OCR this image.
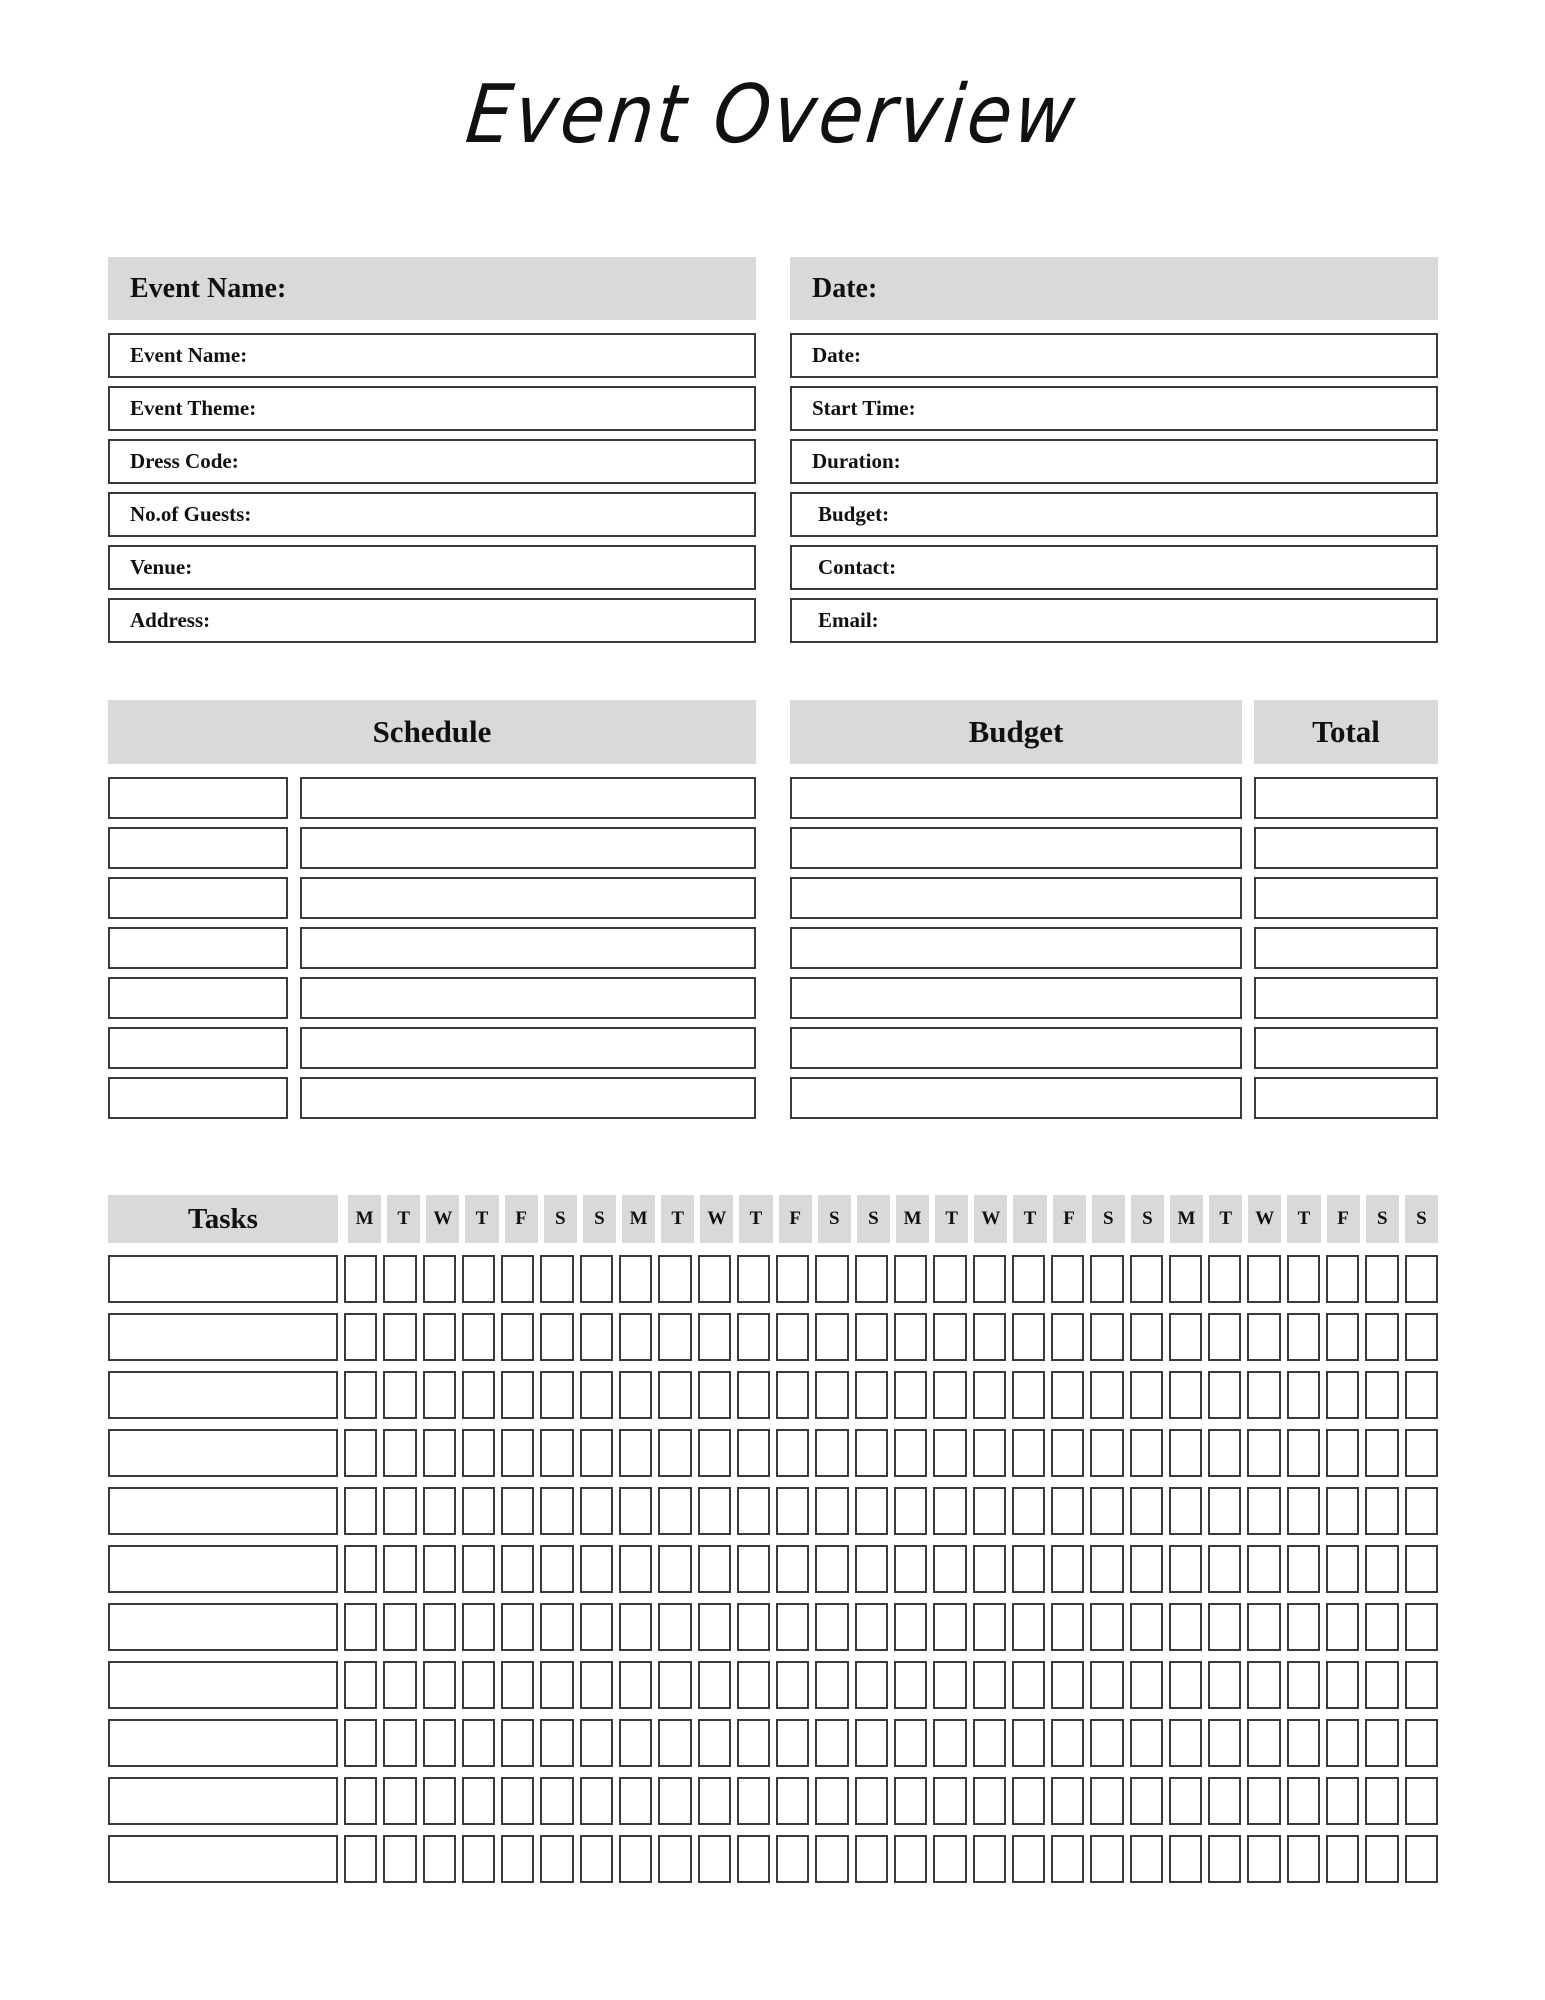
Event Overview
Event Name:
Event Name:
Event Theme:
Dress Code:
No.of Guests:
Venue:
Address:
Date:
Date:
Start Time:
Duration:
Budget:
Contact:
Email:
Schedule	Budget	Total
Tasks	M	T	W	T	F	S	S	M	T	W	T	F	S	S	M	T	W	T	F	S	S	M	T	W	T	F	S	S
